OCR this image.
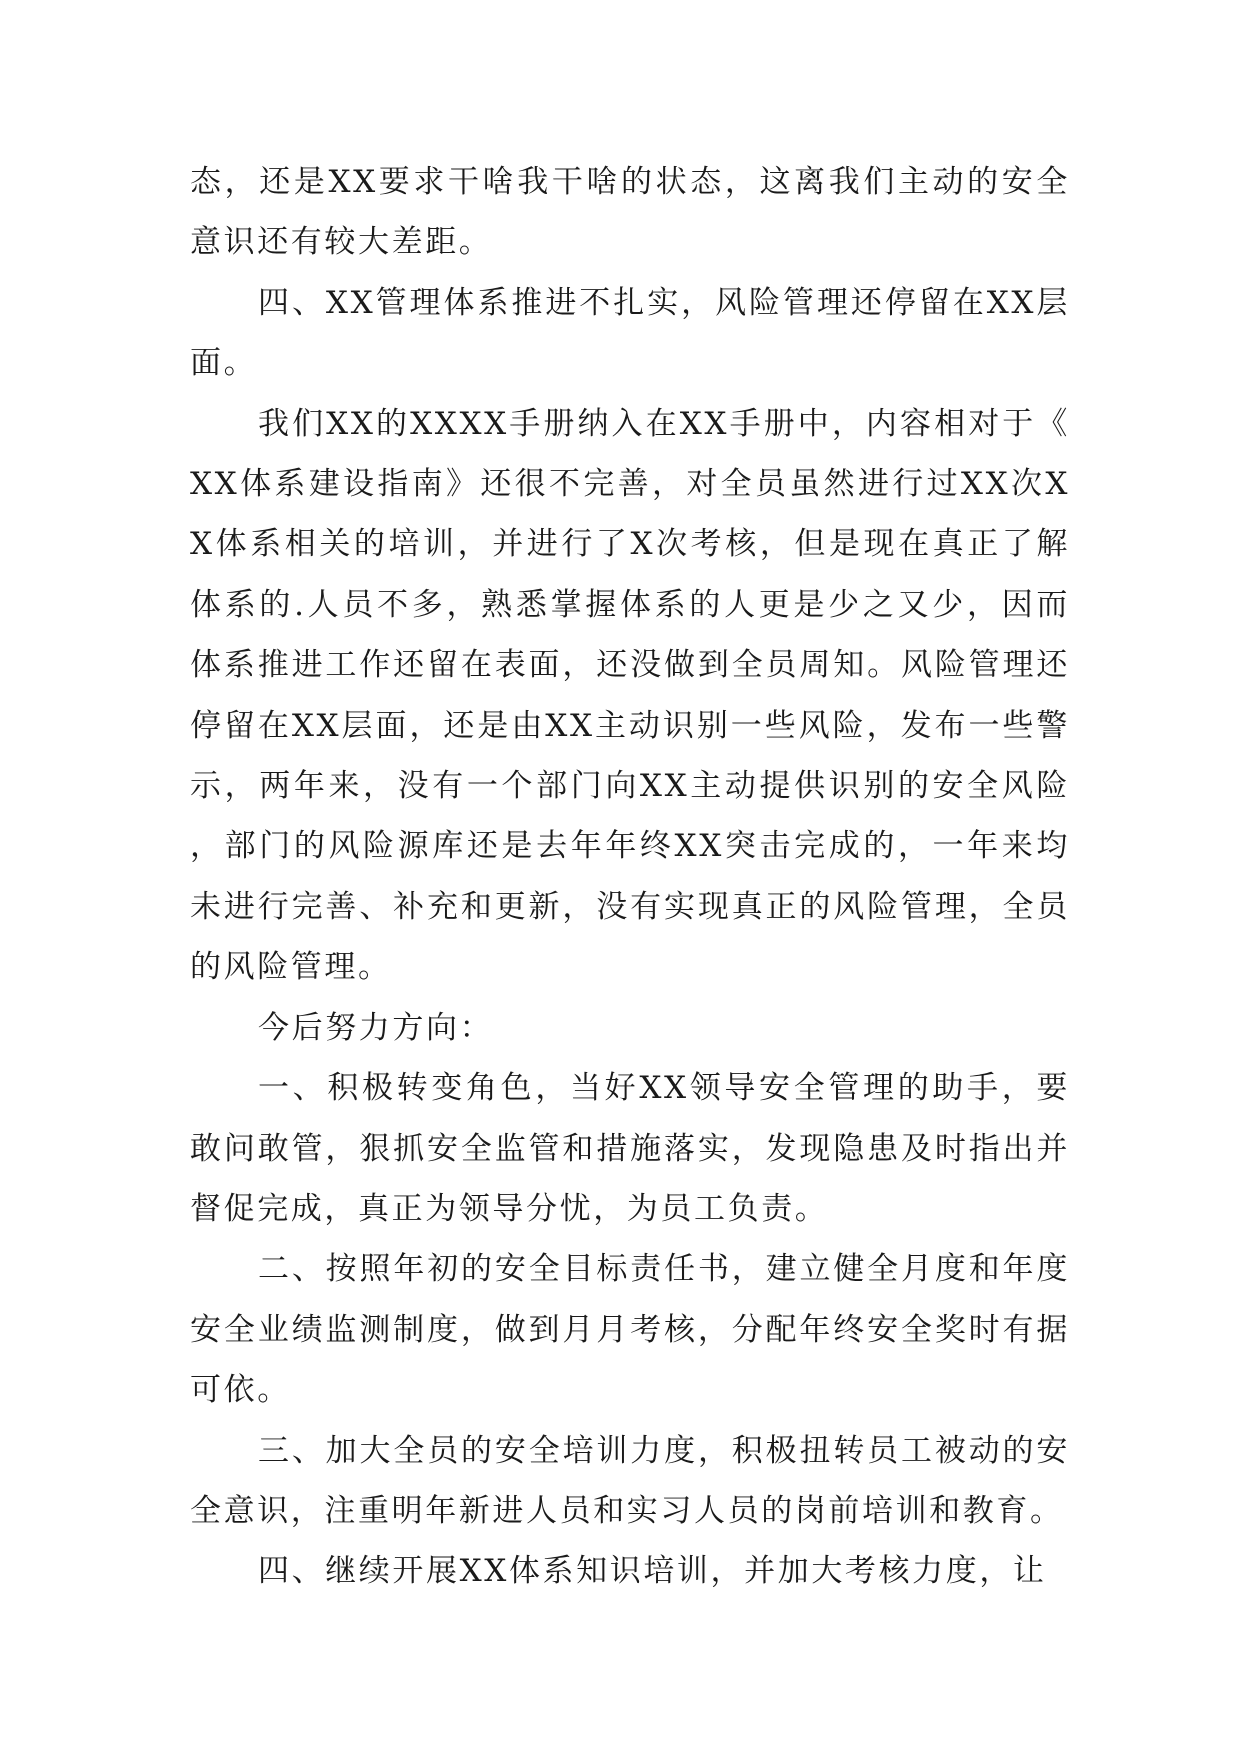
态，还是XX要求干啥我干啥的状态，这离我们主动的安全意识还有较大差距。

四、XX管理体系推进不扎实，风险管理还停留在XX层面。

我们XX的XXXX手册纳入在XX手册中，内容相对于《XX体系建设指南》还很不完善，对全员虽然进行过XX次XX体系相关的培训，并进行了X次考核，但是现在真正了解体系的.人员不多，熟悉掌握体系的人更是少之又少，因而体系推进工作还留在表面，还没做到全员周知。风险管理还停留在XX层面，还是由XX主动识别一些风险，发布一些警示，两年来，没有一个部门向XX主动提供识别的安全风险，部门的风险源库还是去年年终XX突击完成的，一年来均未进行完善、补充和更新，没有实现真正的风险管理，全员的风险管理。

今后努力方向：

一、积极转变角色，当好XX领导安全管理的助手，要敢问敢管，狠抓安全监管和措施落实，发现隐患及时指出并督促完成，真正为领导分忧，为员工负责。

二、按照年初的安全目标责任书，建立健全月度和年度安全业绩监测制度，做到月月考核，分配年终安全奖时有据可依。

三、加大全员的安全培训力度，积极扭转员工被动的安全意识，注重明年新进人员和实习人员的岗前培训和教育。

四、继续开展XX体系知识培训，并加大考核力度，让
